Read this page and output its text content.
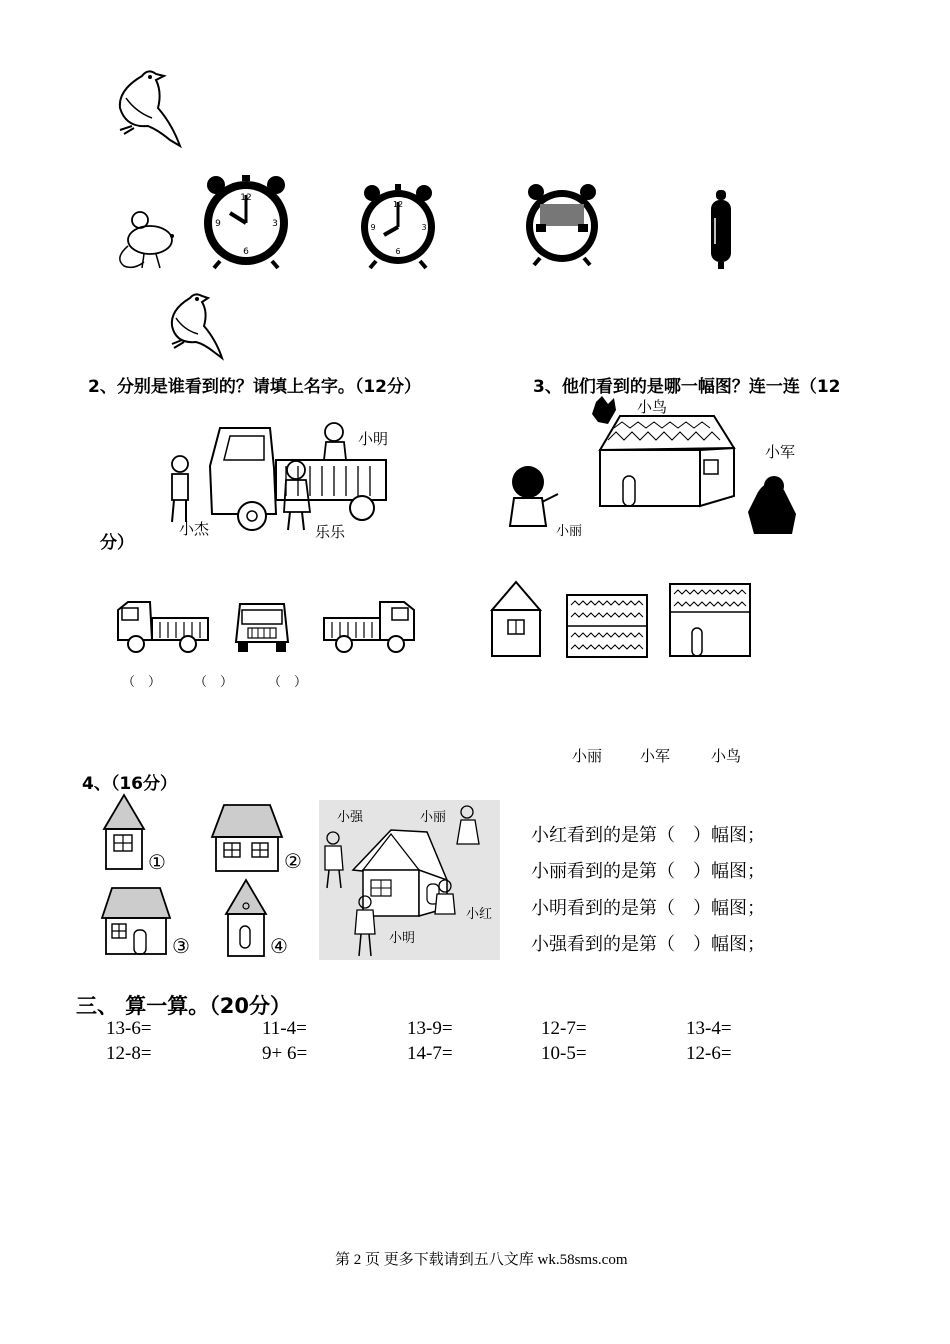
12
3
6
9
12
3
6
9
2、分别是谁看到的？请填上名字。（12分）	3、他们看到的是哪一幅图？连一连（12
分）
小明
小杰	乐乐
（　）	（　）	（　）
小鸟
小军
小丽
小丽	小军	小鸟
4、（16分）
①	②
③	④
小强	小丽
小红
小明
小红看到的是第（　）幅图；
小丽看到的是第（　）幅图；
小明看到的是第（　）幅图；
小强看到的是第（　）幅图；
三、 算一算。（20分）
13-6=	11-4=	13-9=	12-7=	13-4=
12-8=	9+ 6=	14-7=	10-5=	12-6=
第 2 页 更多下载请到五八文库 wk.58sms.com
